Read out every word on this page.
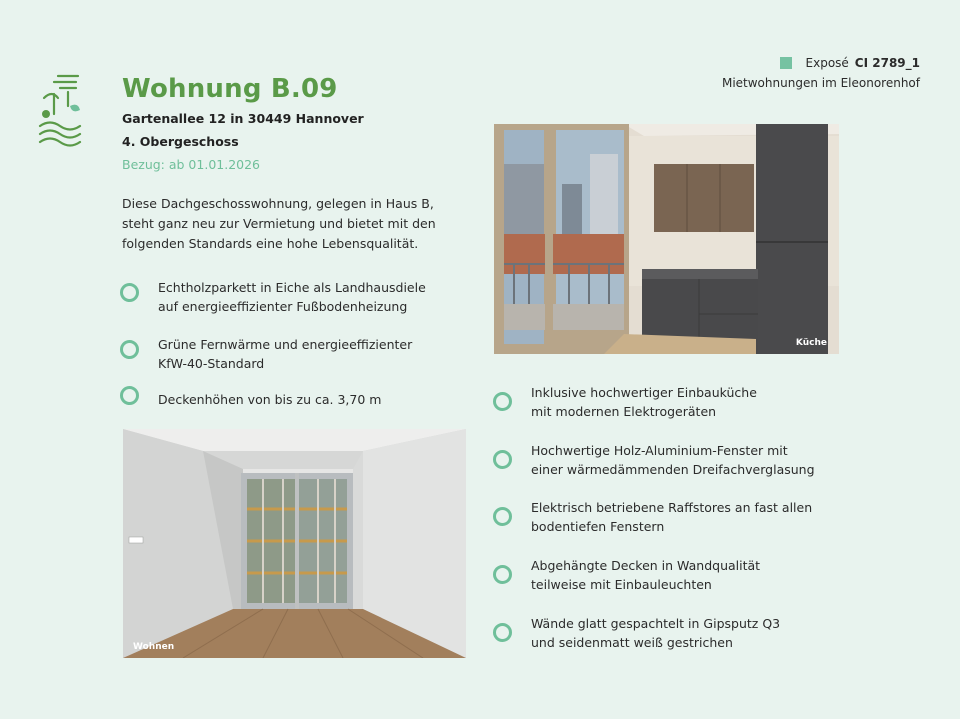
Exposé CI 2789_1
Mietwohnungen im Eleonorenhof
Wohnung B.09
Gartenallee 12 in 30449 Hannover
4. Obergeschoss
Bezug: ab 01.01.2026

Diese Dachgeschosswohnung, gelegen in Haus B, steht ganz neu zur Vermietung und bietet mit den folgenden Standards eine hohe Lebensqualität.

Echtholzparkett in Eiche als Landhausdiele
auf energieeffizienter Fußbodenheizung
Grüne Fernwärme und energieeffizienter
KfW-40-Standard
Deckenhöhen von bis zu ca. 3,70 m	Inklusive hochwertiger Einbauküche
mit modernen Elektrogeräten
Hochwertige Holz-Aluminium-Fenster mit
einer wärmedämmenden Dreifachverglasung
Elektrisch betriebene Raffstores an fast allen
bodentiefen Fenstern
Abgehängte Decken in Wandqualität
teilweise mit Einbauleuchten
Wände glatt gespachtelt in Gipsputz Q3
und seidenmatt weiß gestrichen
Küche
Wohnen
